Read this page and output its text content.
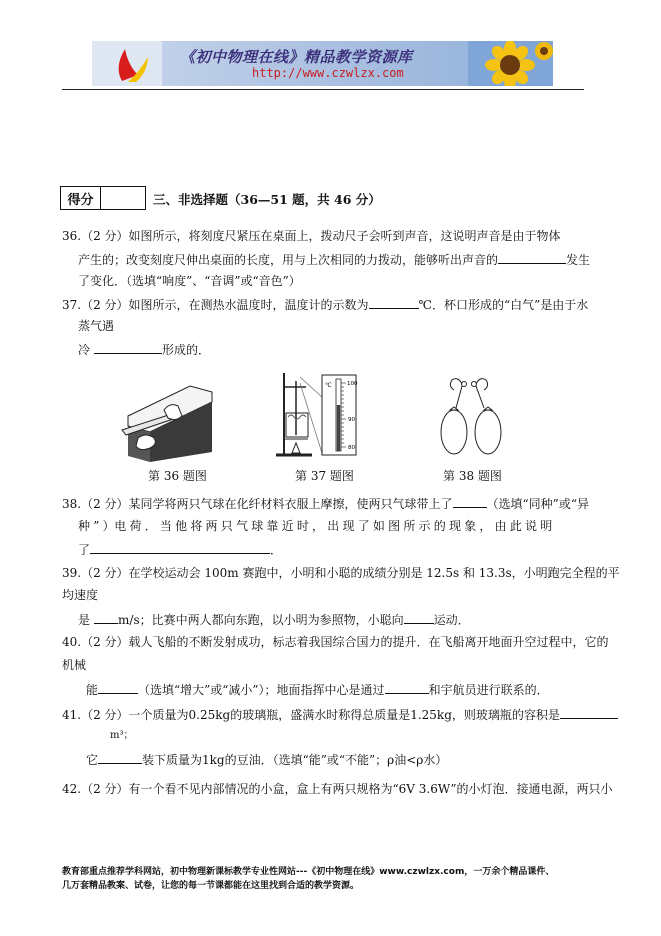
《初中物理在线》精品教学资源库
http://www.czwlzx.com
得分	三、非选择题（36—51 题，共 46 分）
36.（2 分）如图所示，将刻度尺紧压在桌面上，拨动尺子会听到声音，这说明声音是由于物体
产生的；改变刻度尺伸出桌面的长度，用与上次相同的力拨动，能够听出声音的	发生
了变化．（选填“响度”、“音调”或“音色”）
37.（2 分）如图所示，在测热水温度时，温度计的示数为	℃．杯口形成的“白气”是由于水
蒸气遇
冷	形成的．
℃	100
90
80
第 36 题图	第 37 题图	第 38 题图
38.（2 分）某同学将两只气球在化纤材料衣服上摩擦，使两只气球带上了	（选填“同种”或“异
种 ” ）电 荷 ． 当 他 将 两 只 气 球 靠 近 时 ， 出 现 了 如 图 所 示 的 现 象 ， 由 此 说 明
了	．
39.（2 分）在学校运动会 100m 赛跑中，小明和小聪的成绩分别是 12.5s 和 13.3s，小明跑完全程的平
均速度
是 m/s；比赛中两人都向东跑，以小明为参照物，小聪向	运动．
40.（2 分）载人飞船的不断发射成功，标志着我国综合国力的提升．在飞船离开地面升空过程中，它的
机械
能	（选填“增大”或“减小”）；地面指挥中心是通过	和宇航员进行联系的．
41.（2 分）一个质量为0.25kg的玻璃瓶，盛满水时称得总质量是1.25kg，则玻璃瓶的容积是
m³；
它	装下质量为1kg的豆油．（选填“能”或“不能”；ρ油<ρ水）
42.（2 分）有一个看不见内部情况的小盒，盒上有两只规格为“6V 3.6W”的小灯泡．接通电源，两只小
教育部重点推荐学科网站，初中物理新课标教学专业性网站---《初中物理在线》www.czwlzx.com，一万余个精品课件、
几万套精品教案、试卷，让您的每一节课都能在这里找到合适的教学资源。
